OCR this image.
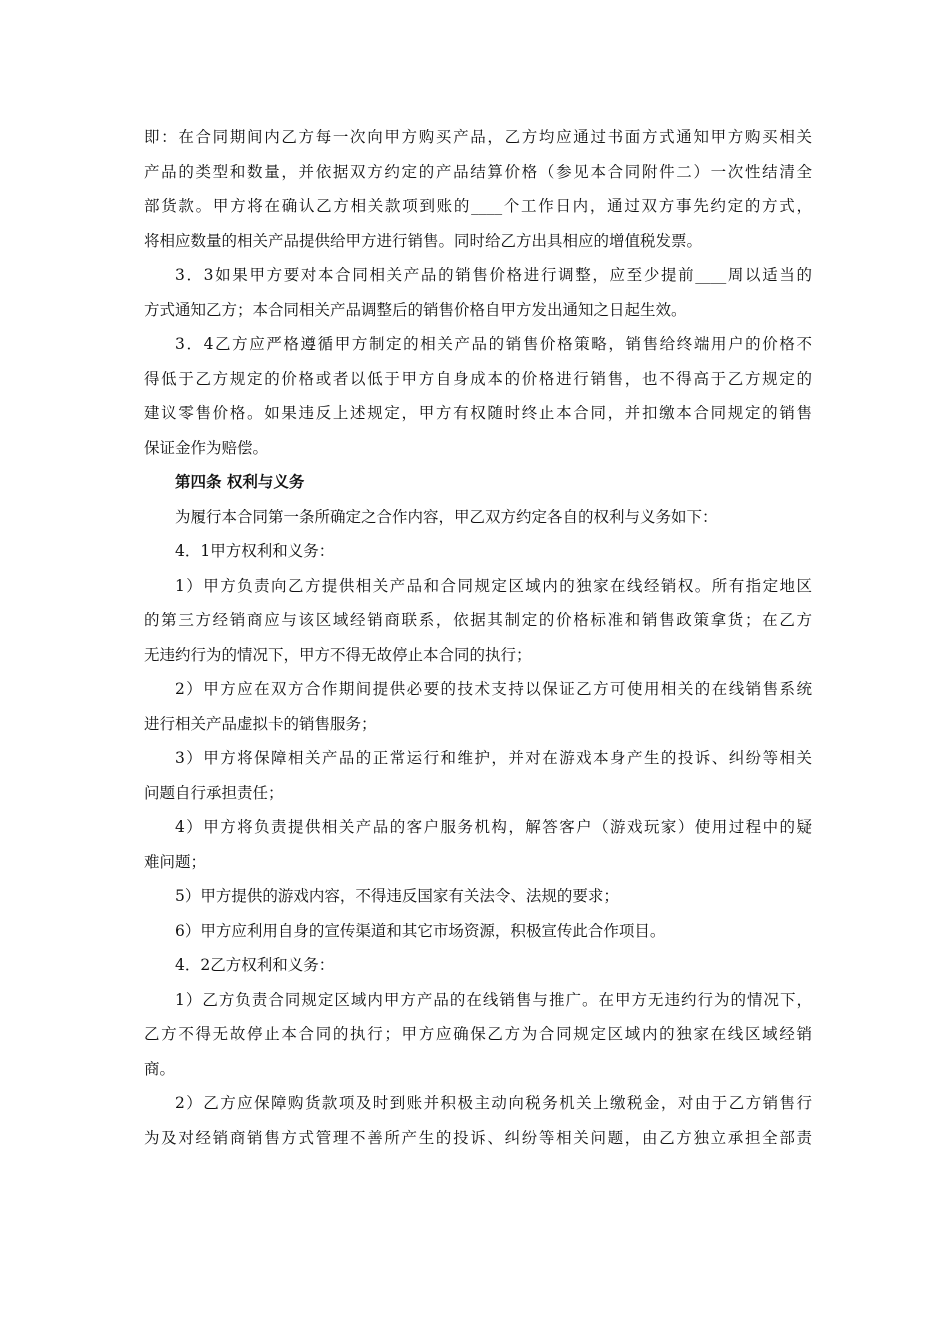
即：在合同期间内乙方每一次向甲方购买产品，乙方均应通过书面方式通知甲方购买相关
产品的类型和数量，并依据双方约定的产品结算价格（参见本合同附件二）一次性结清全
部货款。甲方将在确认乙方相关款项到账的____个工作日内，通过双方事先约定的方式，
将相应数量的相关产品提供给甲方进行销售。同时给乙方出具相应的增值税发票。
3．3如果甲方要对本合同相关产品的销售价格进行调整，应至少提前____周以适当的
方式通知乙方；本合同相关产品调整后的销售价格自甲方发出通知之日起生效。
3．4乙方应严格遵循甲方制定的相关产品的销售价格策略，销售给终端用户的价格不
得低于乙方规定的价格或者以低于甲方自身成本的价格进行销售，也不得高于乙方规定的
建议零售价格。如果违反上述规定，甲方有权随时终止本合同，并扣缴本合同规定的销售
保证金作为赔偿。
第四条 权利与义务
为履行本合同第一条所确定之合作内容，甲乙双方约定各自的权利与义务如下：
4．1甲方权利和义务：
1）甲方负责向乙方提供相关产品和合同规定区域内的独家在线经销权。所有指定地区
的第三方经销商应与该区域经销商联系，依据其制定的价格标准和销售政策拿货；在乙方
无违约行为的情况下，甲方不得无故停止本合同的执行；
2）甲方应在双方合作期间提供必要的技术支持以保证乙方可使用相关的在线销售系统
进行相关产品虚拟卡的销售服务；
3）甲方将保障相关产品的正常运行和维护，并对在游戏本身产生的投诉、纠纷等相关
问题自行承担责任；
4）甲方将负责提供相关产品的客户服务机构，解答客户（游戏玩家）使用过程中的疑
难问题；
5）甲方提供的游戏内容，不得违反国家有关法令、法规的要求；
6）甲方应利用自身的宣传渠道和其它市场资源，积极宣传此合作项目。
4．2乙方权利和义务：
1）乙方负责合同规定区域内甲方产品的在线销售与推广。在甲方无违约行为的情况下，
乙方不得无故停止本合同的执行；甲方应确保乙方为合同规定区域内的独家在线区域经销
商。
2）乙方应保障购货款项及时到账并积极主动向税务机关上缴税金，对由于乙方销售行
为及对经销商销售方式管理不善所产生的投诉、纠纷等相关问题，由乙方独立承担全部责
